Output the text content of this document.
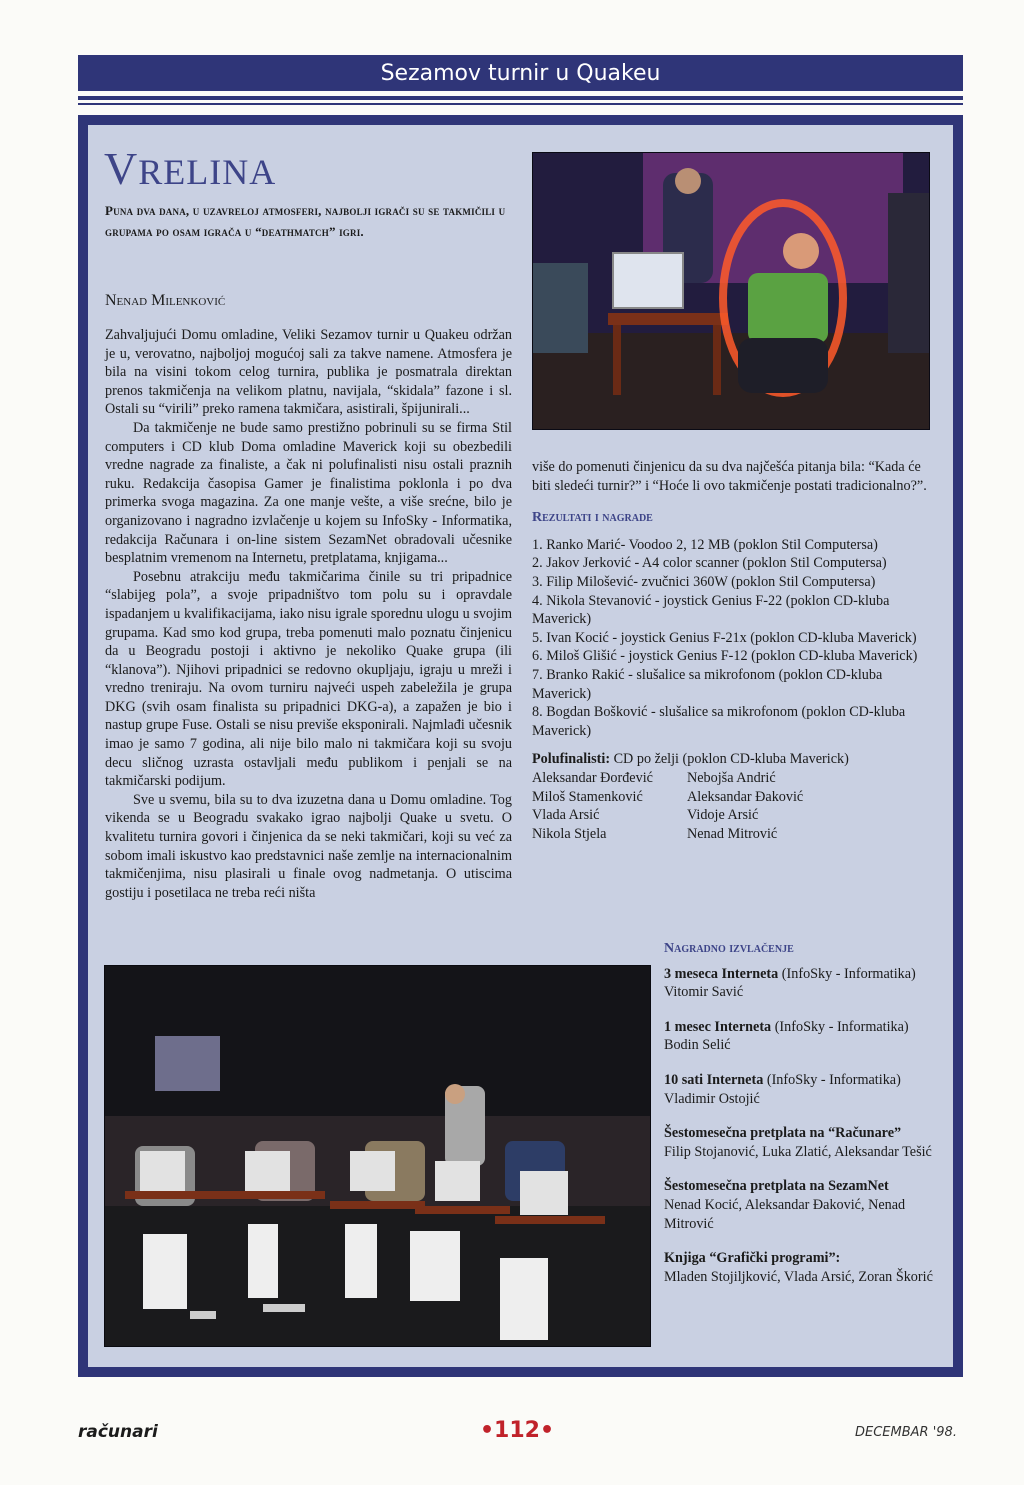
Sezamov turnir u Quakeu
VRELINA
Puna dva dana, u uzavreloj atmosferi, najbolji igrači su se takmičili u grupama po osam igrača u “deathmatch” igri.
Nenad Milenković

Zahvaljujući Domu omladine, Veliki Sezamov turnir u Quakeu održan je u, verovatno, najboljoj mogućoj sali za takve namene. Atmosfera je bila na visini tokom celog turnira, publika je posmatrala direktan prenos takmičenja na velikom platnu, navijala, “skidala” fazone i sl. Ostali su “virili” preko ramena takmičara, asistirali, špijunirali...

Da takmičenje ne bude samo prestižno pobrinuli su se firma Stil computers i CD klub Doma omladine Maverick koji su obezbedili vredne nagrade za finaliste, a čak ni polufinalisti nisu ostali praznih ruku. Redakcija časopisa Gamer je finalistima poklonla i po dva primerka svoga magazina. Za one manje vešte, a više srećne, bilo je organizovano i nagradno izvlačenje u kojem su InfoSky - Informatika, redakcija Računara i on-line sistem SezamNet obradovali učesnike besplatnim vremenom na Internetu, pretplatama, knjigama...

Posebnu atrakciju među takmičarima činile su tri pripadnice “slabijeg pola”, a svoje pripadništvo tom polu su i opravdale ispadanjem u kvalifikacijama, iako nisu igrale sporednu ulogu u svojim grupama. Kad smo kod grupa, treba pomenuti malo poznatu činjenicu da u Beogradu postoji i aktivno je nekoliko Quake grupa (ili “klanova”). Njihovi pripadnici se redovno okupljaju, igraju u mreži i vredno treniraju. Na ovom turniru najveći uspeh zabeležila je grupa DKG (svih osam finalista su pripadnici DKG-a), a zapažen je bio i nastup grupe Fuse. Ostali se nisu previše eksponirali. Najmlađi učesnik imao je samo 7 godina, ali nije bilo malo ni takmičara koji su svoju decu sličnog uzrasta ostavljali među publikom i penjali se na takmičarski podijum.

Sve u svemu, bila su to dva izuzetna dana u Domu omladine. Tog vikenda se u Beogradu svakako igrao najbolji Quake u svetu. O kvalitetu turnira govori i činjenica da se neki takmičari, koji su već za sobom imali iskustvo kao predstavnici naše zemlje na internacionalnim takmičenjima, nisu plasirali u finale ovog nadmetanja. O utiscima gostiju i posetilaca ne treba reći ništa

više do pomenuti činjenicu da su dva najčešća pitanja bila: “Kada će biti sledeći turnir?” i “Hoće li ovo takmičenje postati tradicionalno?”.

Rezultati i nagrade
1. Ranko Marić- Voodoo 2, 12 MB (poklon Stil Computersa)
2. Jakov Jerković - A4 color scanner (poklon Stil Computersa)
3. Filip Milošević- zvučnici 360W (poklon Stil Computersa)
4. Nikola Stevanović - joystick Genius F-22 (poklon CD-kluba Maverick)
5. Ivan Kocić - joystick Genius F-21x (poklon CD-kluba Maverick)
6. Miloš Glišić - joystick Genius F-12 (poklon CD-kluba Maverick)
7. Branko Rakić - slušalice sa mikrofonom (poklon CD-kluba Maverick)
8. Bogdan Bošković - slušalice sa mikrofonom (poklon CD-kluba Maverick)
Polufinalisti: CD po želji (poklon CD-kluba Maverick)
Aleksandar Đorđević	Nebojša Andrić
Miloš Stamenković	Aleksandar Đaković
Vlada Arsić	Vidoje Arsić
Nikola Stjela	Nenad Mitrović
Nagradno izvlačenje
3 meseca Interneta (InfoSky - Informatika)
Vitomir Savić
1 mesec Interneta (InfoSky - Informatika)
Bodin Selić
10 sati Interneta (InfoSky - Informatika)
Vladimir Ostojić
Šestomesečna pretplata na “Računare”
Filip Stojanović, Luka Zlatić, Aleksandar Tešić
Šestomesečna pretplata na SezamNet
Nenad Kocić, Aleksandar Đaković, Nenad Mitrović
Knjiga “Grafički programi”:
Mladen Stojiljković, Vlada Arsić, Zoran Škorić
računari	•112•	DECEMBAR '98.
